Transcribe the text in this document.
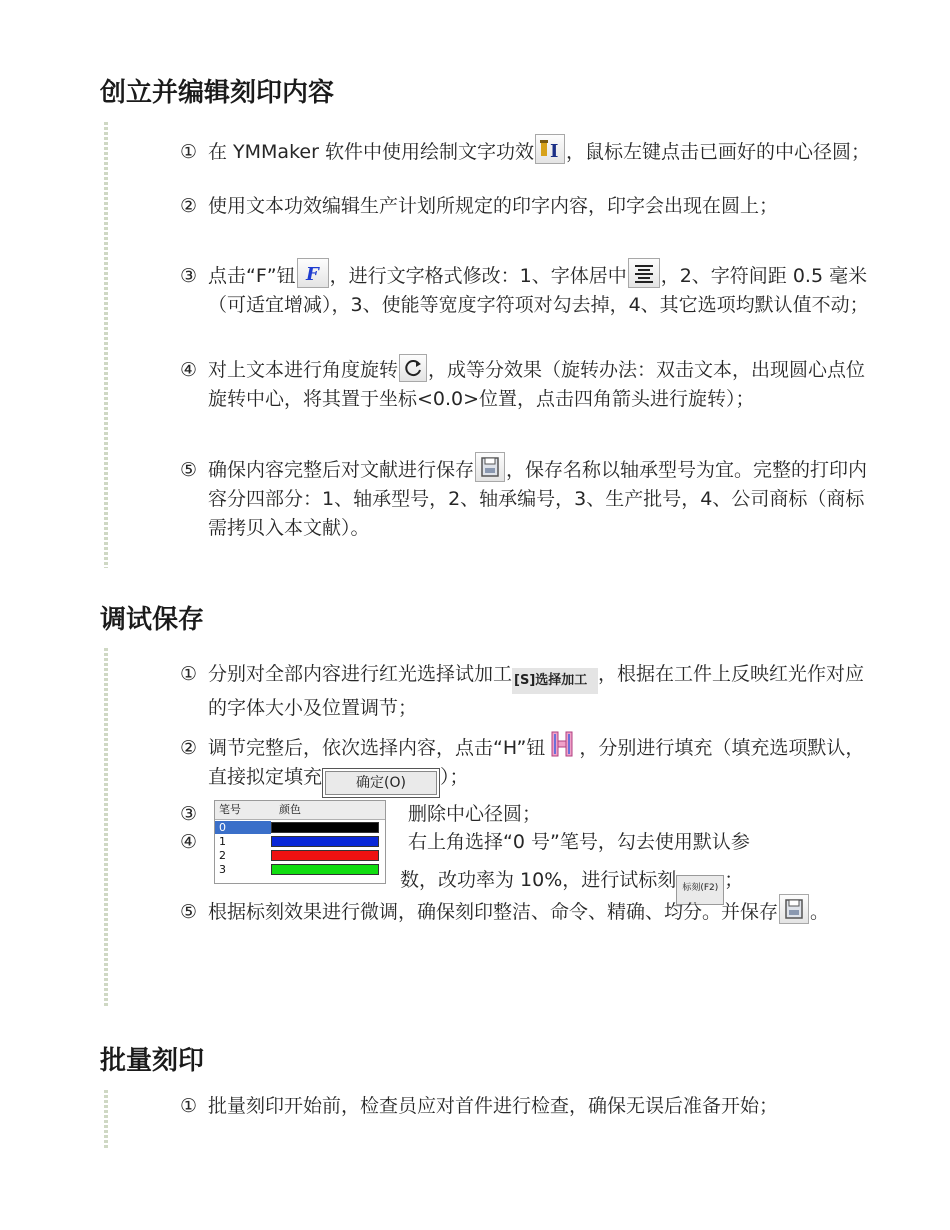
创立并编辑刻印内容
① 在 YMMaker 软件中使用绘制文字功效 I ，鼠标左键点击已画好的中心径圆；
② 使用文本功效编辑生产计划所规定的印字内容，印字会出现在圆上；
③ 点击“F”钮 F ，进行文字格式修改：1、字体居中 ，2、字符间距 0.5 毫米（可适宜增减），3、使能等宽度字符项对勾去掉，4、其它选项均默认值不动；
④ 对上文本进行角度旋转 ，成等分效果（旋转办法：双击文本，出现圆心点位旋转中心，将其置于坐标<0.0>位置，点击四角箭头进行旋转）；
⑤ 确保内容完整后对文献进行保存 ，保存名称以轴承型号为宜。完整的打印内容分四部分：1、轴承型号，2、轴承编号，3、生产批号，4、公司商标（商标需拷贝入本文献）。
调试保存
① 分别对全部内容进行红光选择试加工 [S]选择加工 ，根据在工件上反映红光作对应的字体大小及位置调节；
② 调节完整后，依次选择内容，点击“H”钮 ，分别进行填充（填充选项默认，直接拟定填充 确定(O) ）；
③	删除中心径圆；
④	右上角选择“0 号”笔号，勾去使用默认参
数，改功率为 10%，进行试标刻 标刻(F2) ；
笔号	颜色
0
1
2
3
⑤ 根据标刻效果进行微调，确保刻印整洁、命令、精确、均分。并保存 。
批量刻印
① 批量刻印开始前，检查员应对首件进行检查，确保无误后准备开始；
